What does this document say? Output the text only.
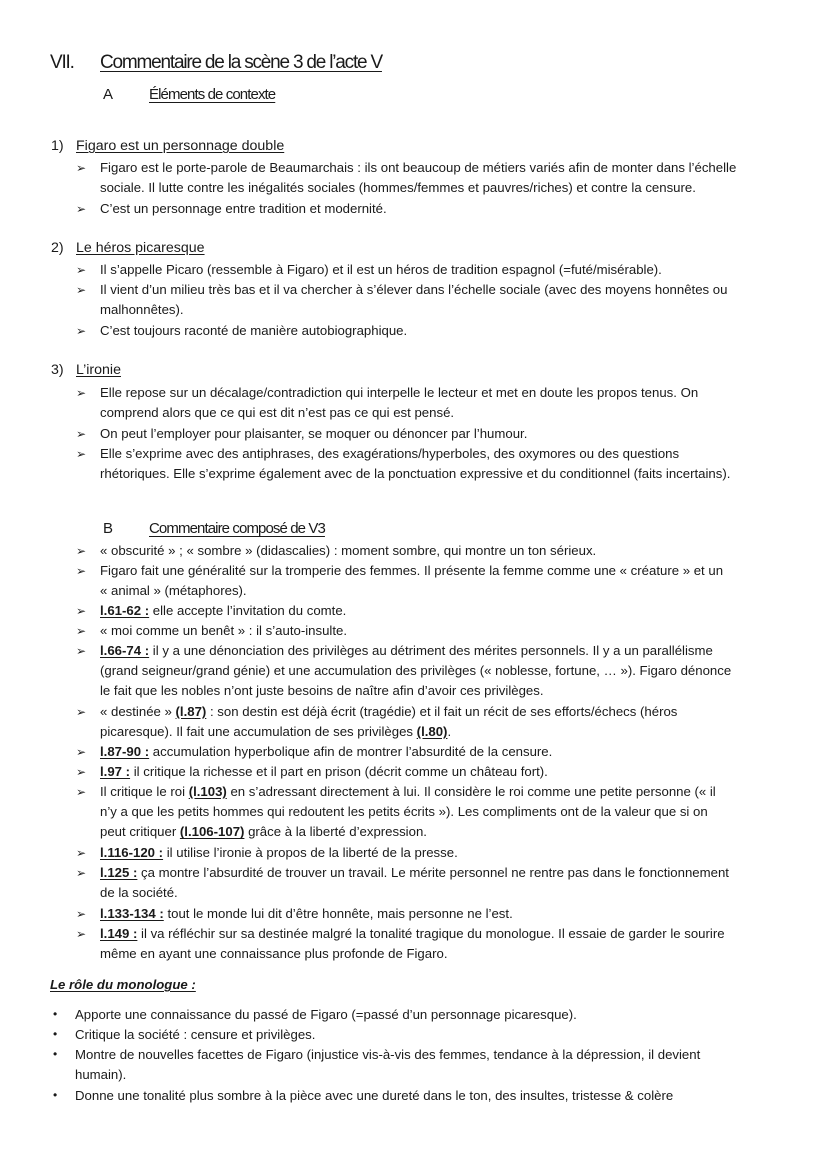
VII. Commentaire de la scène 3 de l’acte V
A Éléments de contexte
1) Figaro est un personnage double
➢ Figaro est le porte-parole de Beaumarchais : ils ont beaucoup de métiers variés afin de monter dans l’échelle
sociale. Il lutte contre les inégalités sociales (hommes/femmes et pauvres/riches) et contre la censure.
➢ C’est un personnage entre tradition et modernité.
2) Le héros picaresque
➢ Il s’appelle Picaro (ressemble à Figaro) et il est un héros de tradition espagnol (=futé/misérable).
➢ Il vient d’un milieu très bas et il va chercher à s’élever dans l’échelle sociale (avec des moyens honnêtes ou
malhonnêtes).
➢ C’est toujours raconté de manière autobiographique.
3) L’ironie
➢ Elle repose sur un décalage/contradiction qui interpelle le lecteur et met en doute les propos tenus. On
comprend alors que ce qui est dit n’est pas ce qui est pensé.
➢ On peut l’employer pour plaisanter, se moquer ou dénoncer par l’humour.
➢ Elle s’exprime avec des antiphrases, des exagérations/hyperboles, des oxymores ou des questions
rhétoriques. Elle s’exprime également avec de la ponctuation expressive et du conditionnel (faits incertains).
B Commentaire composé de V3
➢ « obscurité » ; « sombre » (didascalies) : moment sombre, qui montre un ton sérieux.
➢ Figaro fait une généralité sur la tromperie des femmes. Il présente la femme comme une « créature » et un
« animal » (métaphores).
➢ l.61-62 : elle accepte l’invitation du comte.
➢ « moi comme un benêt » : il s’auto-insulte.
➢ l.66-74 : il y a une dénonciation des privilèges au détriment des mérites personnels. Il y a un parallélisme
(grand seigneur/grand génie) et une accumulation des privilèges (« noblesse, fortune, … »). Figaro dénonce
le fait que les nobles n’ont juste besoins de naître afin d’avoir ces privilèges.
➢ « destinée » (l.87) : son destin est déjà écrit (tragédie) et il fait un récit de ses efforts/échecs (héros
picaresque). Il fait une accumulation de ses privilèges (l.80).
➢ l.87-90 : accumulation hyperbolique afin de montrer l’absurdité de la censure.
➢ l.97 : il critique la richesse et il part en prison (décrit comme un château fort).
➢ Il critique le roi (l.103) en s’adressant directement à lui. Il considère le roi comme une petite personne (« il
n’y a que les petits hommes qui redoutent les petits écrits »). Les compliments ont de la valeur que si on
peut critiquer (l.106-107) grâce à la liberté d’expression.
➢ l.116-120 : il utilise l’ironie à propos de la liberté de la presse.
➢ l.125 : ça montre l’absurdité de trouver un travail. Le mérite personnel ne rentre pas dans le fonctionnement
de la société.
➢ l.133-134 : tout le monde lui dit d’être honnête, mais personne ne l’est.
➢ l.149 : il va réfléchir sur sa destinée malgré la tonalité tragique du monologue. Il essaie de garder le sourire
même en ayant une connaissance plus profonde de Figaro.
Le rôle du monologue :
• Apporte une connaissance du passé de Figaro (=passé d’un personnage picaresque).
• Critique la société : censure et privilèges.
• Montre de nouvelles facettes de Figaro (injustice vis-à-vis des femmes, tendance à la dépression, il devient
humain).
• Donne une tonalité plus sombre à la pièce avec une dureté dans le ton, des insultes, tristesse & colère
